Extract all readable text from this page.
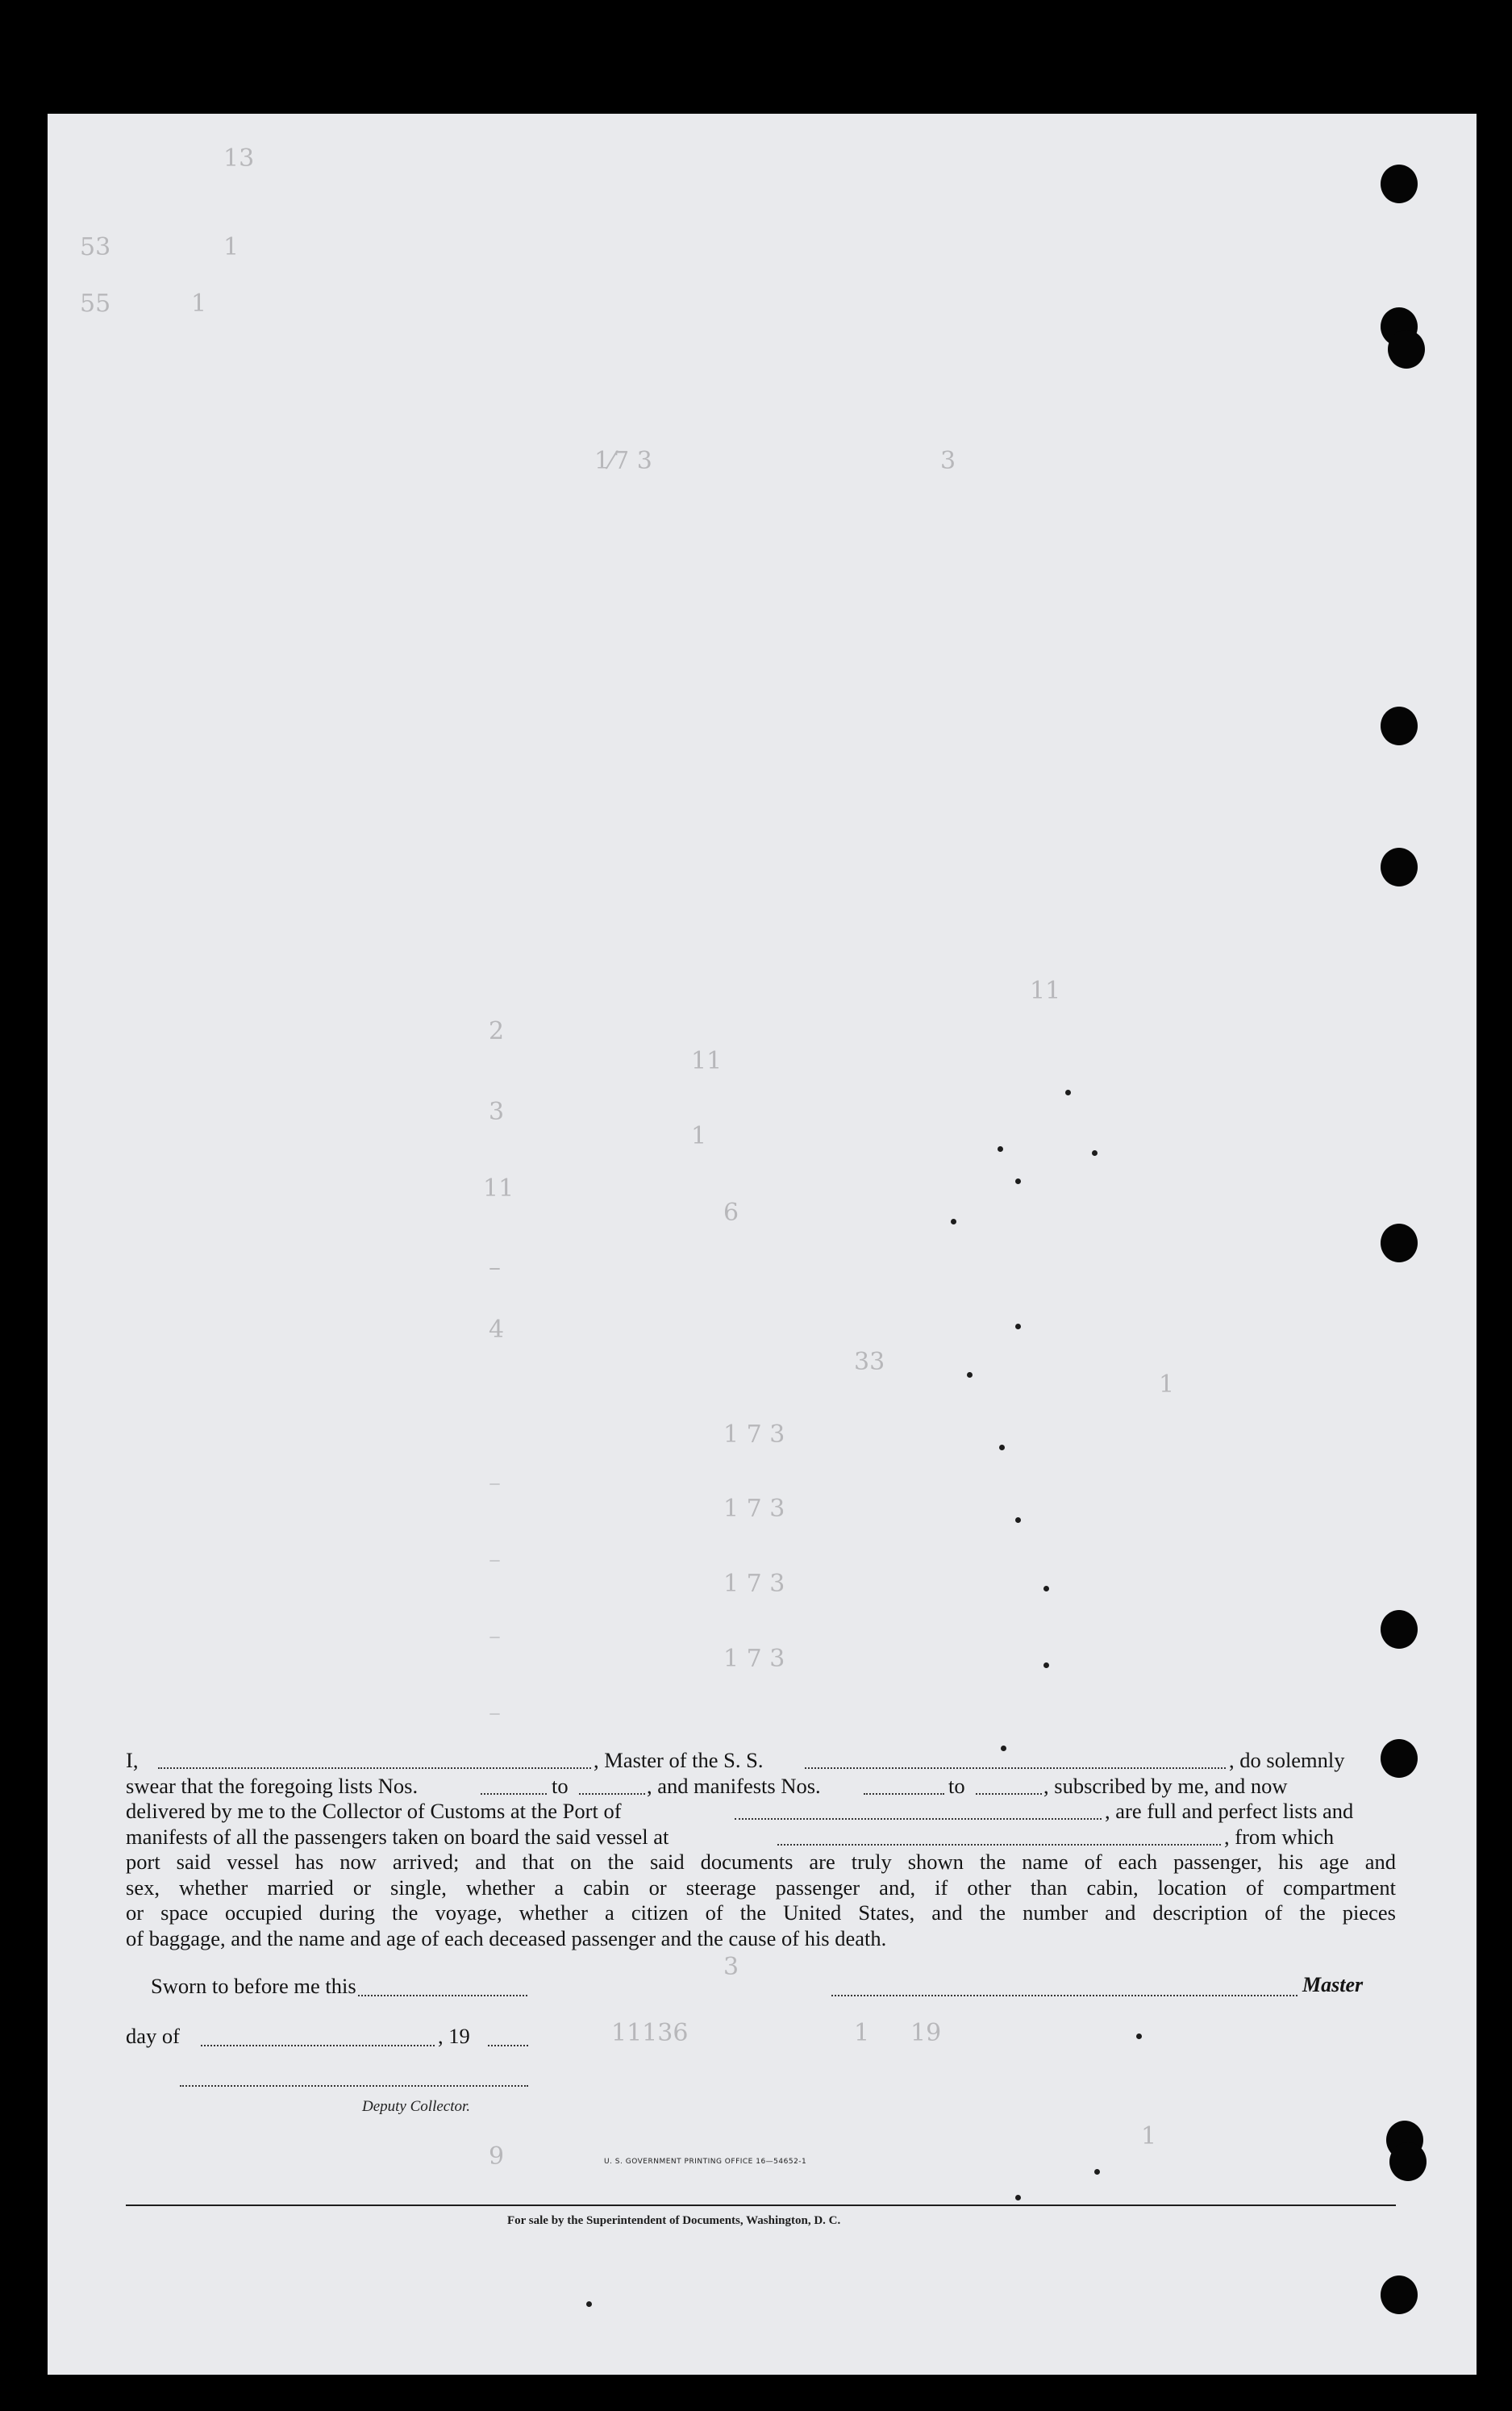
13
53	1
55	1
1⁄7 3	3
11
2
11
3
1
11
6
–
4
33
1 7 3
1 7 3
1 7 3
1 7 3
1
11136
9
3
1 19
1
–
–
–
–
I,	, Master of the S. S.	, do solemnly
swear that the foregoing lists Nos.	to	, and manifests Nos.	to	, subscribed by me, and now
delivered by me to the Collector of Customs at the Port of	, are full and perfect lists and
manifests of all the passengers taken on board the said vessel at	, from which
port said vessel has now arrived; and that on the said documents are truly shown the name of each passenger, his age and
sex, whether married or single, whether a cabin or steerage passenger and, if other than cabin, location of compartment
or space occupied during the voyage, whether a citizen of the United States, and the number and description of the pieces
of baggage, and the name and age of each deceased passenger and the cause of his death.
Sworn to before me this	Master
day of	, 19
Deputy Collector.
U. S. GOVERNMENT PRINTING OFFICE 16—54652-1
For sale by the Superintendent of Documents, Washington, D. C.
